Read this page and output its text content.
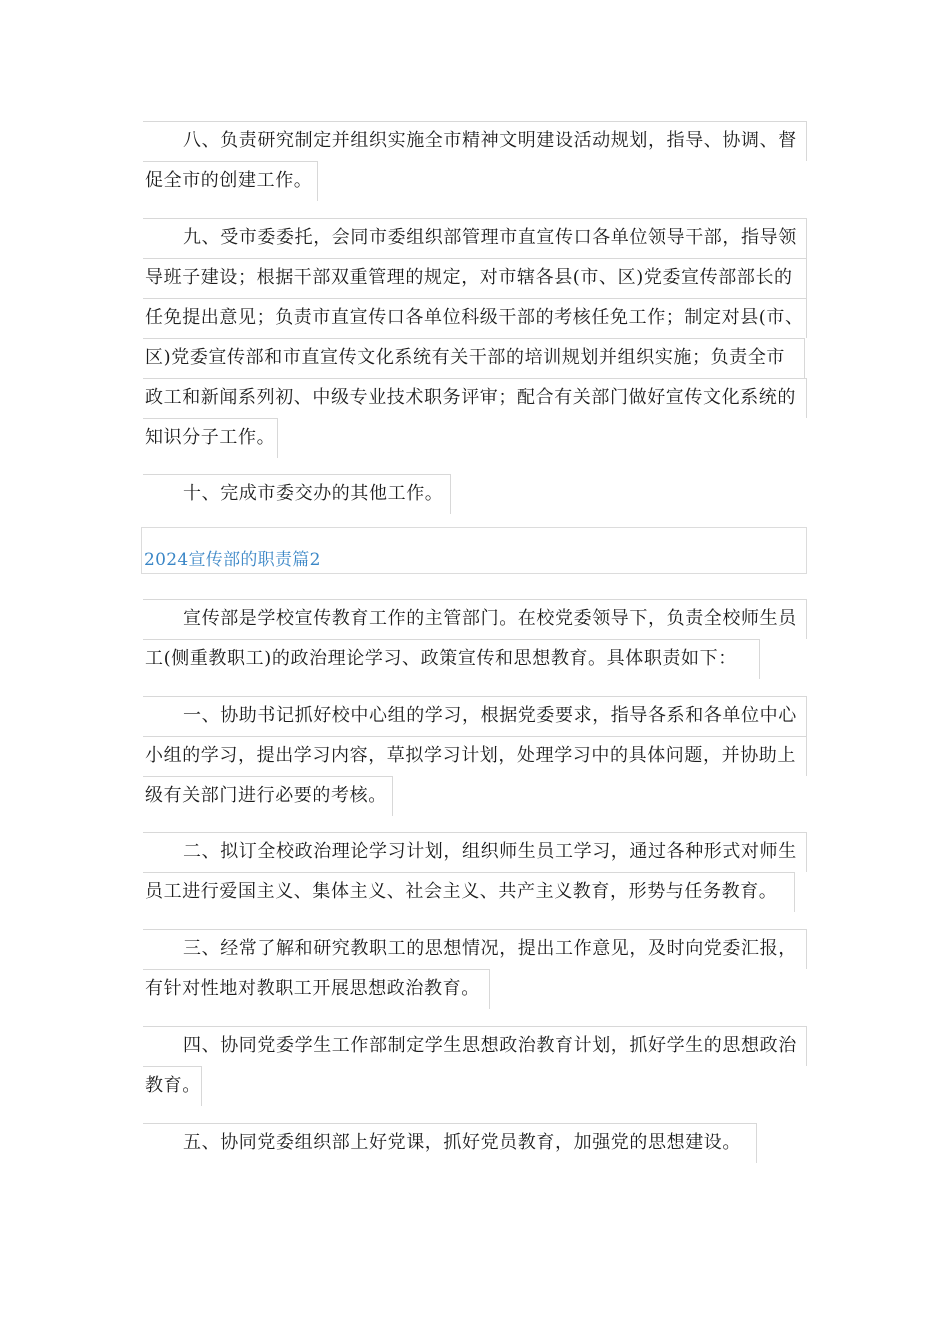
八、负责研究制定并组织实施全市精神文明建设活动规划，指导、协调、督
促全市的创建工作。
九、受市委委托，会同市委组织部管理市直宣传口各单位领导干部，指导领
导班子建设；根据干部双重管理的规定，对市辖各县(市、区)党委宣传部部长的
任免提出意见；负责市直宣传口各单位科级干部的考核任免工作；制定对县(市、
区)党委宣传部和市直宣传文化系统有关干部的培训规划并组织实施；负责全市
政工和新闻系列初、中级专业技术职务评审；配合有关部门做好宣传文化系统的
知识分子工作。
十、完成市委交办的其他工作。
2024宣传部的职责篇2
宣传部是学校宣传教育工作的主管部门。在校党委领导下，负责全校师生员
工(侧重教职工)的政治理论学习、政策宣传和思想教育。具体职责如下：
一、协助书记抓好校中心组的学习，根据党委要求，指导各系和各单位中心
小组的学习，提出学习内容，草拟学习计划，处理学习中的具体问题，并协助上
级有关部门进行必要的考核。
二、拟订全校政治理论学习计划，组织师生员工学习，通过各种形式对师生
员工进行爱国主义、集体主义、社会主义、共产主义教育，形势与任务教育。
三、经常了解和研究教职工的思想情况，提出工作意见，及时向党委汇报，
有针对性地对教职工开展思想政治教育。
四、协同党委学生工作部制定学生思想政治教育计划，抓好学生的思想政治
教育。
五、协同党委组织部上好党课，抓好党员教育，加强党的思想建设。
